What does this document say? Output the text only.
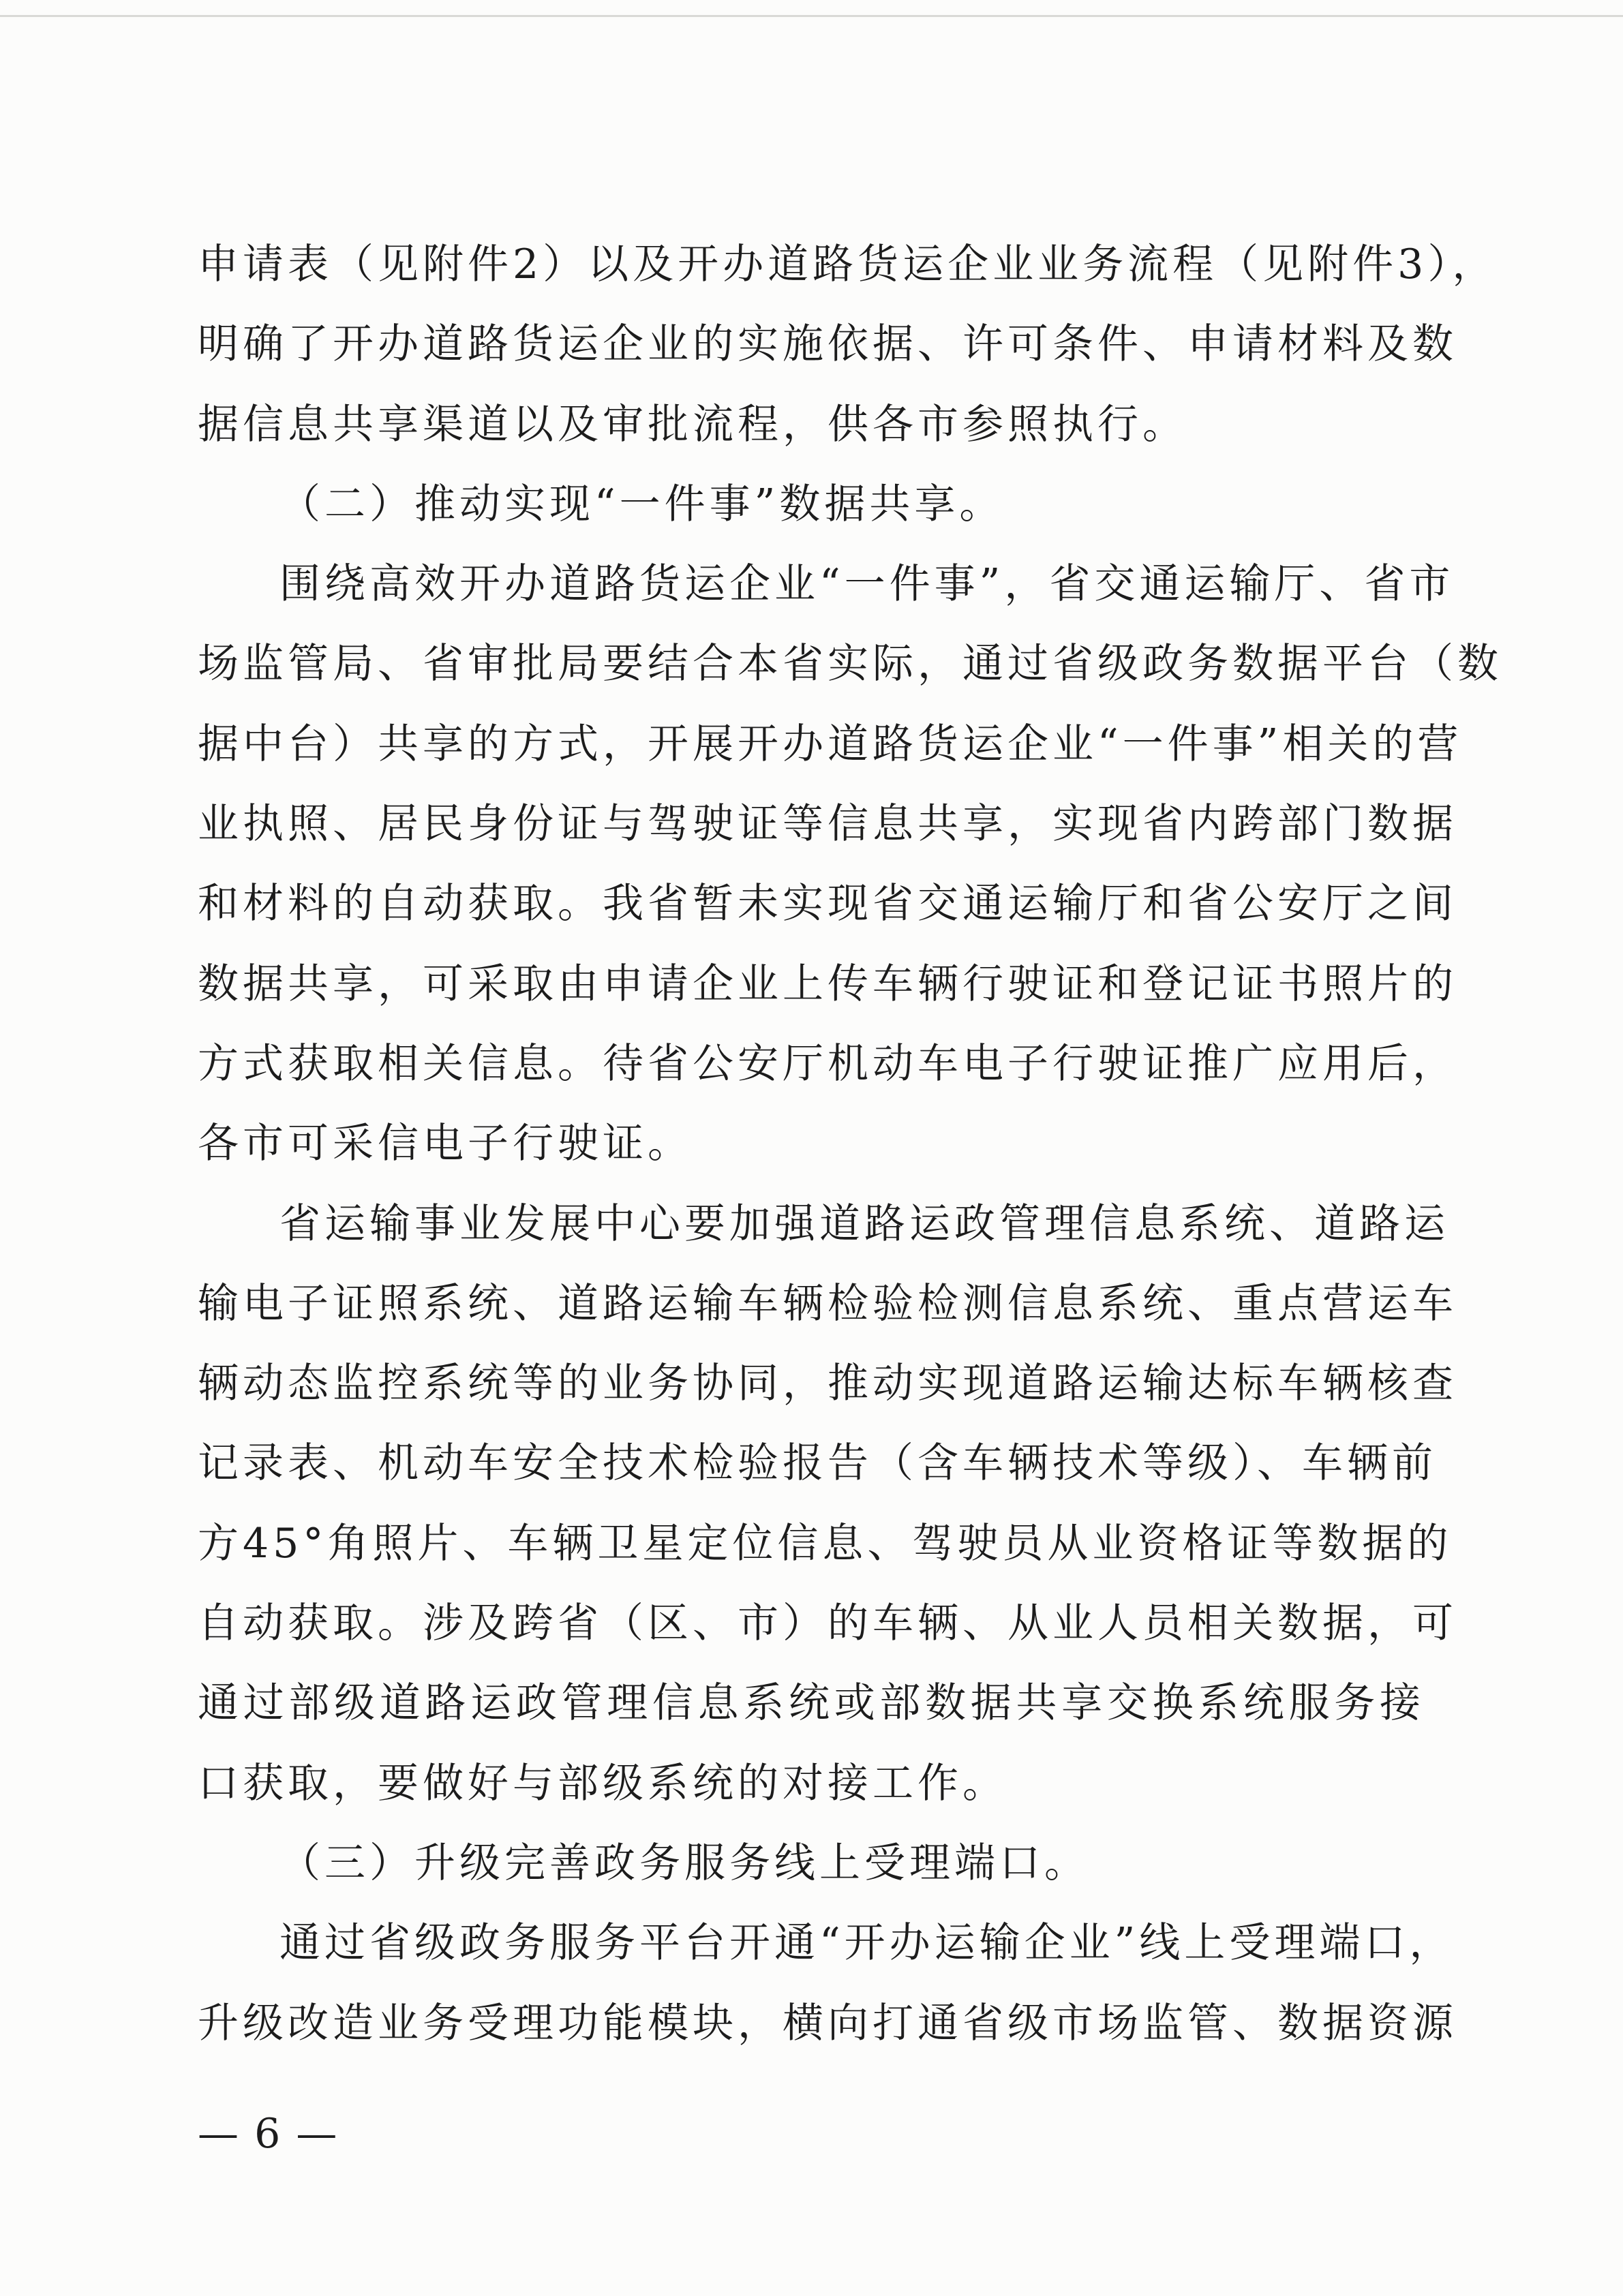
申请表（见附件2）以及开办道路货运企业业务流程（见附件3），
明确了开办道路货运企业的实施依据、许可条件、申请材料及数
据信息共享渠道以及审批流程，供各市参照执行。
（二）推动实现“一件事”数据共享。
围绕高效开办道路货运企业“一件事”，省交通运输厅、省市
场监管局、省审批局要结合本省实际，通过省级政务数据平台（数
据中台）共享的方式，开展开办道路货运企业“一件事”相关的营
业执照、居民身份证与驾驶证等信息共享，实现省内跨部门数据
和材料的自动获取。我省暂未实现省交通运输厅和省公安厅之间
数据共享，可采取由申请企业上传车辆行驶证和登记证书照片的
方式获取相关信息。待省公安厅机动车电子行驶证推广应用后，
各市可采信电子行驶证。
省运输事业发展中心要加强道路运政管理信息系统、道路运
输电子证照系统、道路运输车辆检验检测信息系统、重点营运车
辆动态监控系统等的业务协同，推动实现道路运输达标车辆核查
记录表、机动车安全技术检验报告（含车辆技术等级）、车辆前
方45°角照片、车辆卫星定位信息、驾驶员从业资格证等数据的
自动获取。涉及跨省（区、市）的车辆、从业人员相关数据，可
通过部级道路运政管理信息系统或部数据共享交换系统服务接
口获取，要做好与部级系统的对接工作。
（三）升级完善政务服务线上受理端口。
通过省级政务服务平台开通“开办运输企业”线上受理端口，
升级改造业务受理功能模块，横向打通省级市场监管、数据资源
— 6 —
